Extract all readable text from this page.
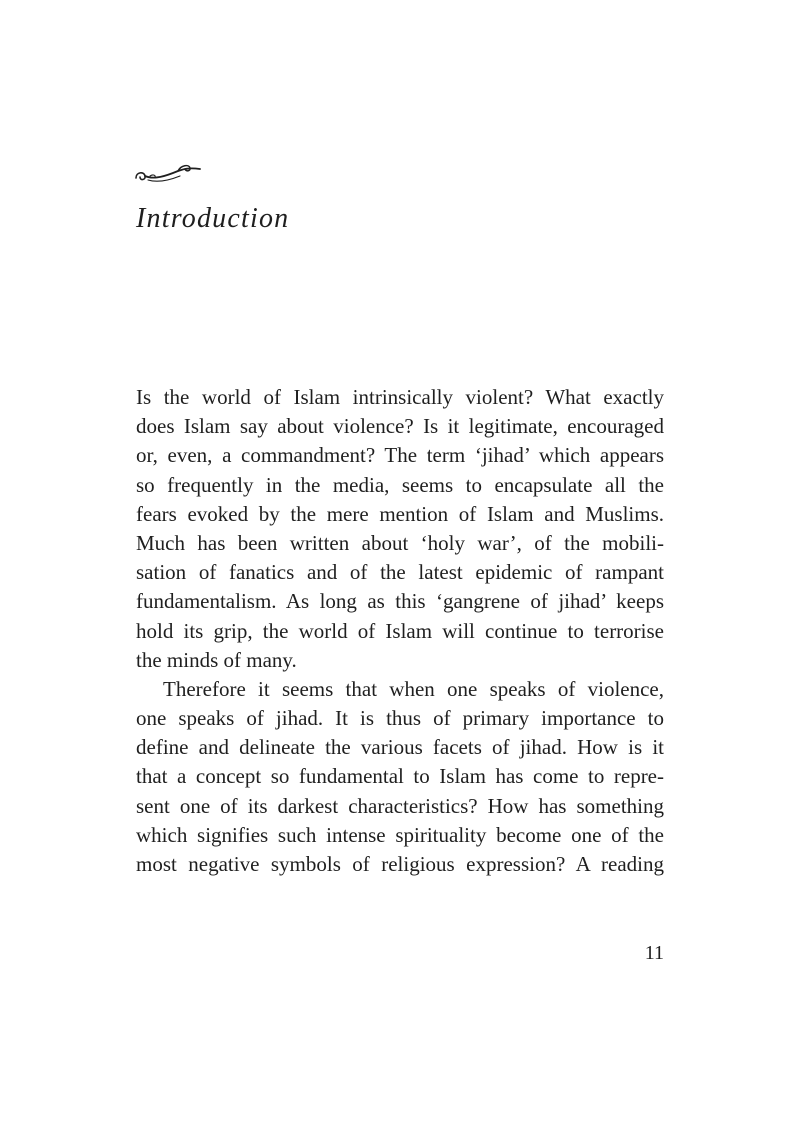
Introduction

Is the world of Islam intrinsically violent? What exactly
does Islam say about violence? Is it legitimate, encouraged
or, even, a commandment? The term ‘jihad’ which appears
so frequently in the media, seems to encapsulate all the
fears evoked by the mere mention of Islam and Muslims.
Much has been written about ‘holy war’, of the mobili-
sation of fanatics and of the latest epidemic of rampant
fundamentalism. As long as this ‘gangrene of jihad’ keeps
hold its grip, the world of Islam will continue to terrorise
the minds of many.

Therefore it seems that when one speaks of violence,
one speaks of jihad. It is thus of primary importance to
define and delineate the various facets of jihad. How is it
that a concept so fundamental to Islam has come to repre-
sent one of its darkest characteristics? How has something
which signifies such intense spirituality become one of the
most negative symbols of religious expression? A reading

11
